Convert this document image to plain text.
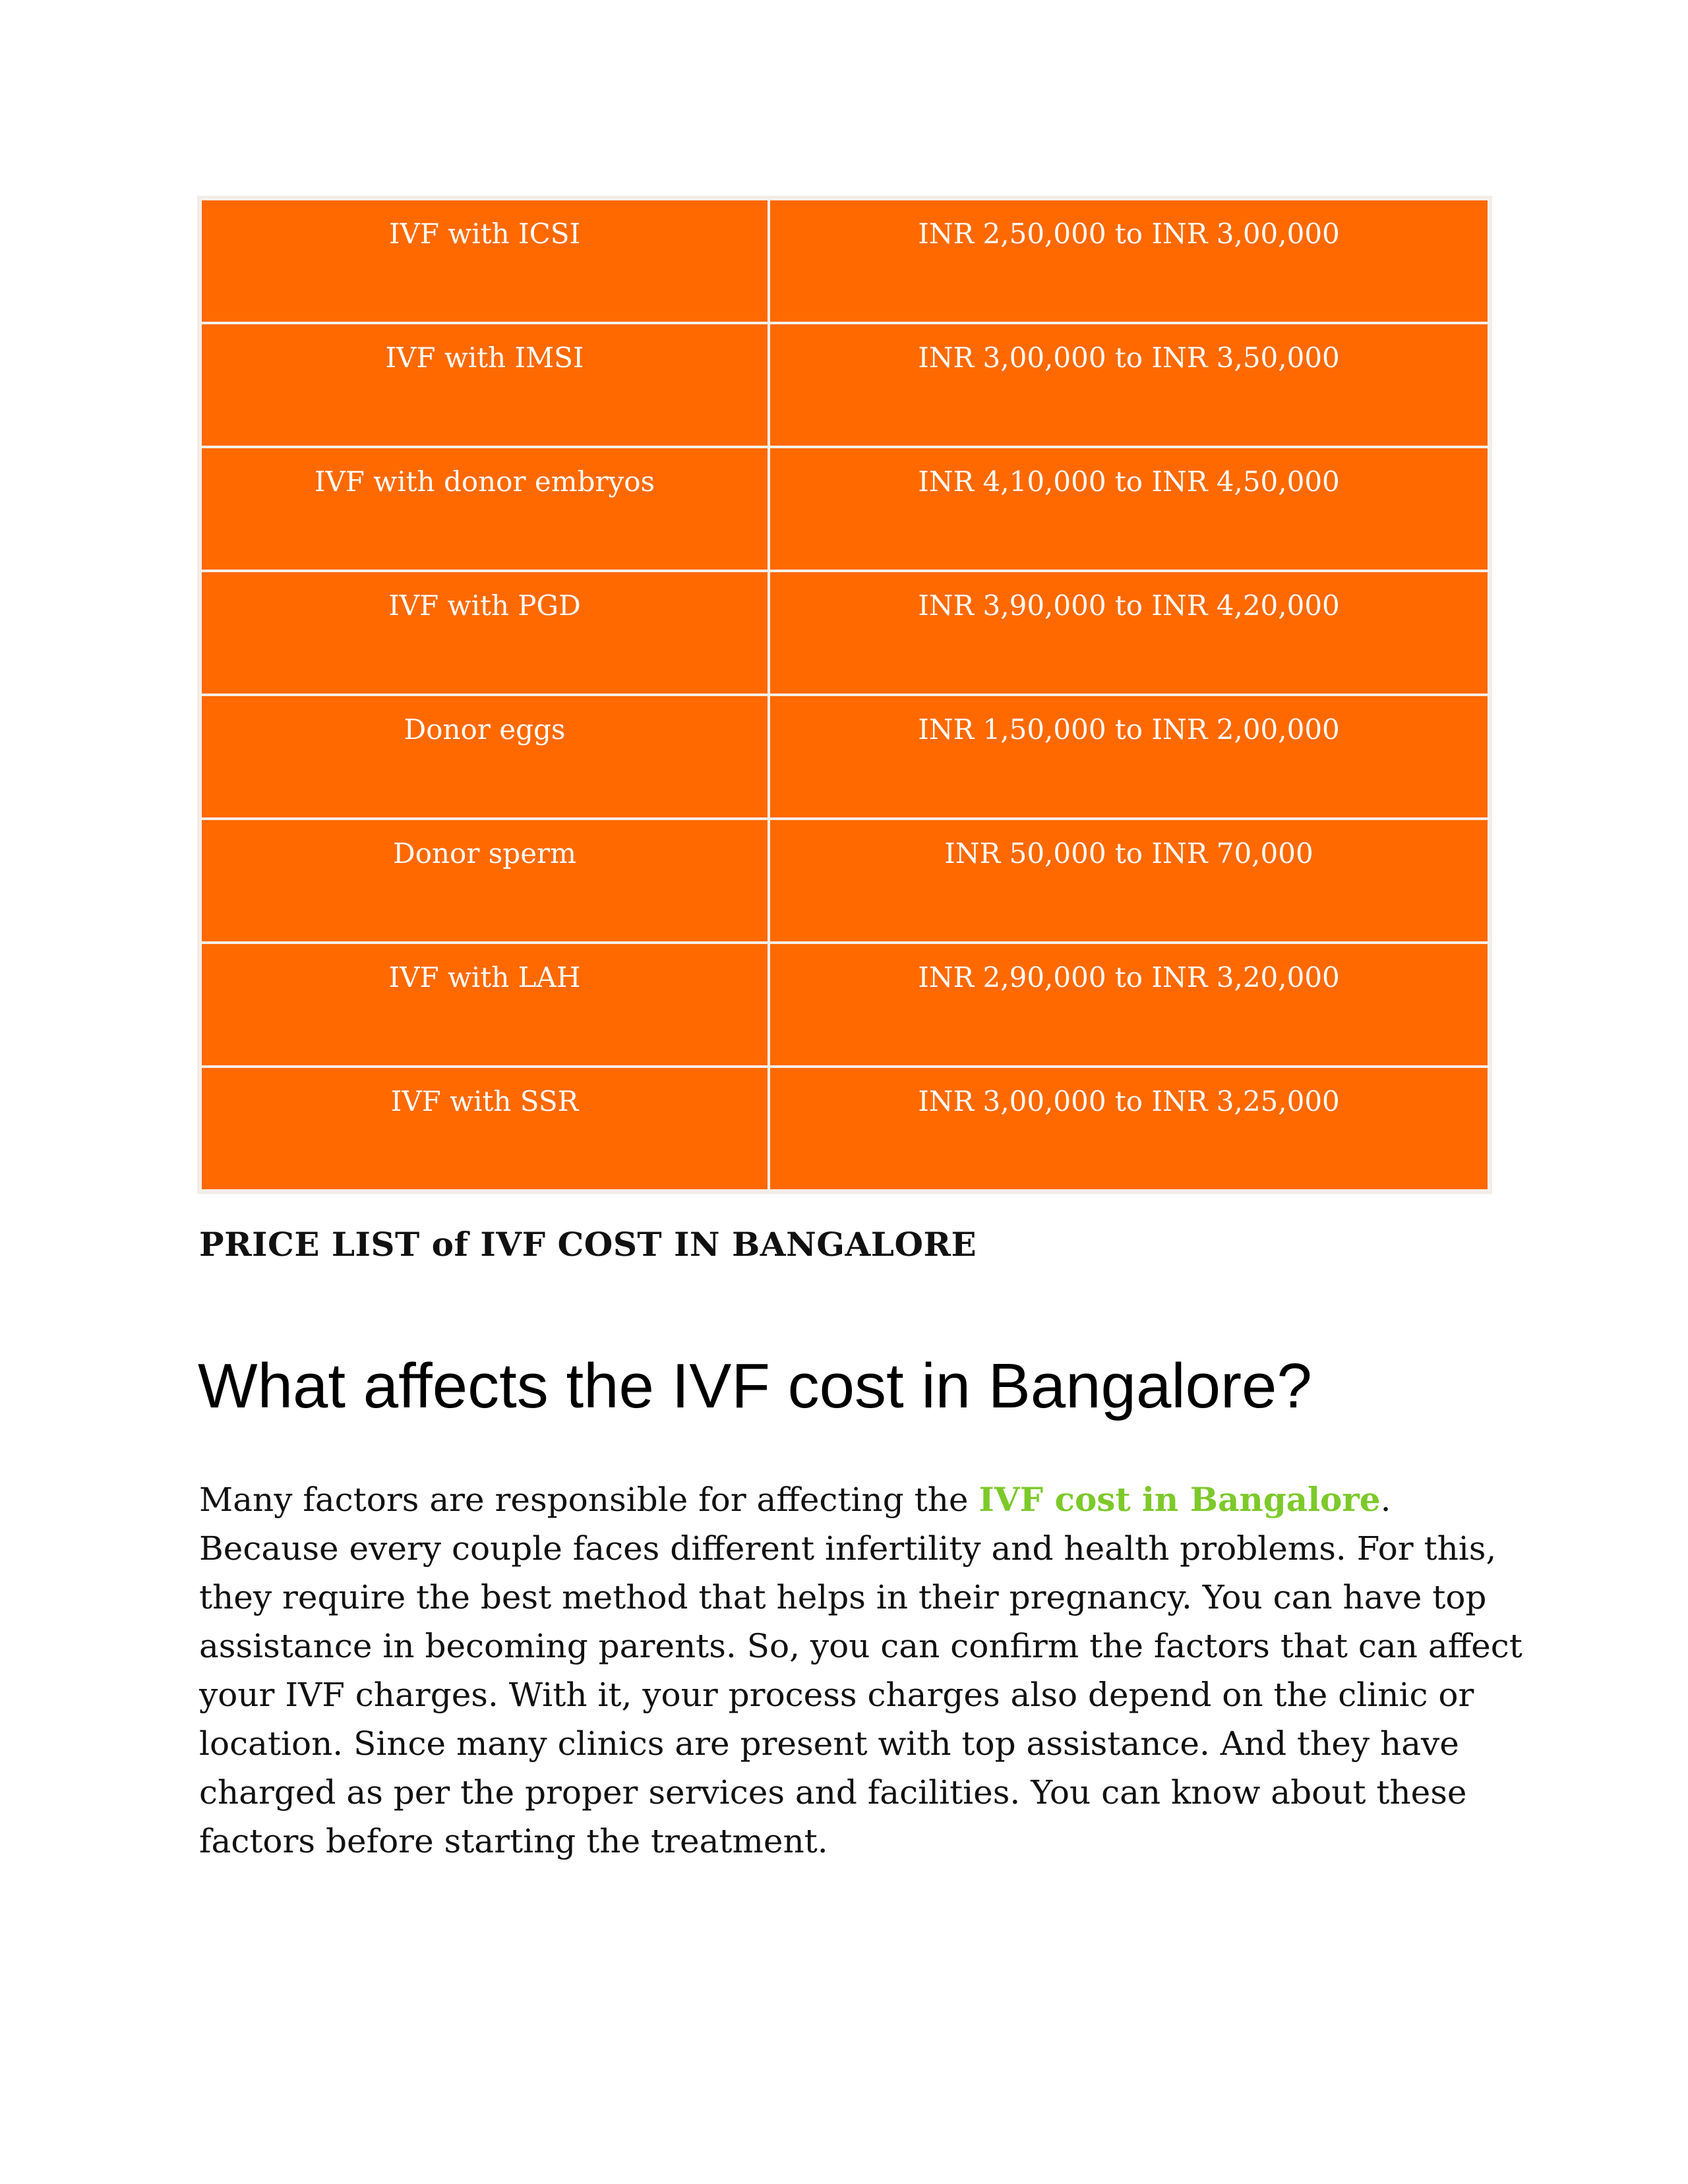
IVF with ICSI	INR 2,50,000 to INR 3,00,000

IVF with IMSI	INR 3,00,000 to INR 3,50,000

IVF with donor embryos	INR 4,10,000 to INR 4,50,000

IVF with PGD	INR 3,90,000 to INR 4,20,000

Donor eggs	INR 1,50,000 to INR 2,00,000

Donor sperm	INR 50,000 to INR 70,000

IVF with LAH	INR 2,90,000 to INR 3,20,000

IVF with SSR	INR 3,00,000 to INR 3,25,000

PRICE LIST of IVF COST IN BANGALORE

What affects the IVF cost in Bangalore?

Many factors are responsible for affecting the IVF cost in Bangalore.
Because every couple faces different infertility and health problems. For this,
they require the best method that helps in their pregnancy. You can have top
assistance in becoming parents. So, you can confirm the factors that can affect
your IVF charges. With it, your process charges also depend on the clinic or
location. Since many clinics are present with top assistance. And they have
charged as per the proper services and facilities. You can know about these
factors before starting the treatment.
